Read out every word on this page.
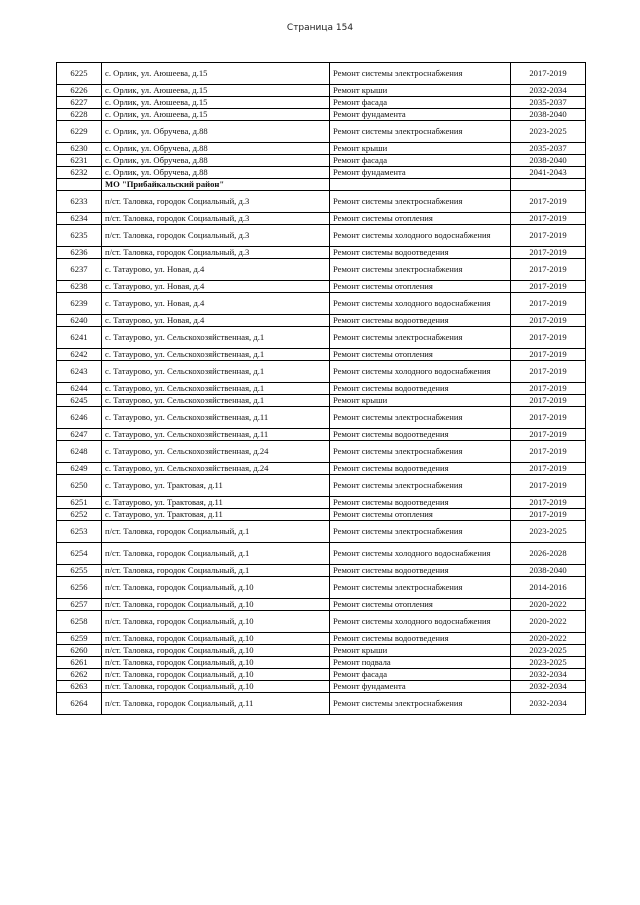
Страница 154
6225	с. Орлик, ул. Аюшеева, д.15	Ремонт системы электроснабжения	2017-2019
6226	с. Орлик, ул. Аюшеева, д.15	Ремонт крыши	2032-2034
6227	с. Орлик, ул. Аюшеева, д.15	Ремонт фасада	2035-2037
6228	с. Орлик, ул. Аюшеева, д.15	Ремонт фундамента	2038-2040
6229	с. Орлик, ул. Обручева, д.88	Ремонт системы электроснабжения	2023-2025
6230	с. Орлик, ул. Обручева, д.88	Ремонт крыши	2035-2037
6231	с. Орлик, ул. Обручева, д.88	Ремонт фасада	2038-2040
6232	с. Орлик, ул. Обручева, д.88	Ремонт фундамента	2041-2043
	МО "Прибайкальский район"		
6233	п/ст. Таловка, городок Социальный, д.3	Ремонт системы электроснабжения	2017-2019
6234	п/ст. Таловка, городок Социальный, д.3	Ремонт системы отопления	2017-2019
6235	п/ст. Таловка, городок Социальный, д.3	Ремонт системы холодного водоснабжения	2017-2019
6236	п/ст. Таловка, городок Социальный, д.3	Ремонт системы водоотведения	2017-2019
6237	с. Татаурово, ул. Новая, д.4	Ремонт системы электроснабжения	2017-2019
6238	с. Татаурово, ул. Новая, д.4	Ремонт системы отопления	2017-2019
6239	с. Татаурово, ул. Новая, д.4	Ремонт системы холодного водоснабжения	2017-2019
6240	с. Татаурово, ул. Новая, д.4	Ремонт системы водоотведения	2017-2019
6241	с. Татаурово, ул. Сельскохозяйственная, д.1	Ремонт системы электроснабжения	2017-2019
6242	с. Татаурово, ул. Сельскохозяйственная, д.1	Ремонт системы отопления	2017-2019
6243	с. Татаурово, ул. Сельскохозяйственная, д.1	Ремонт системы холодного водоснабжения	2017-2019
6244	с. Татаурово, ул. Сельскохозяйственная, д.1	Ремонт системы водоотведения	2017-2019
6245	с. Татаурово, ул. Сельскохозяйственная, д.1	Ремонт крыши	2017-2019
6246	с. Татаурово, ул. Сельскохозяйственная, д.11	Ремонт системы электроснабжения	2017-2019
6247	с. Татаурово, ул. Сельскохозяйственная, д.11	Ремонт системы водоотведения	2017-2019
6248	с. Татаурово, ул. Сельскохозяйственная, д.24	Ремонт системы электроснабжения	2017-2019
6249	с. Татаурово, ул. Сельскохозяйственная, д.24	Ремонт системы водоотведения	2017-2019
6250	с. Татаурово, ул. Трактовая, д.11	Ремонт системы электроснабжения	2017-2019
6251	с. Татаурово, ул. Трактовая, д.11	Ремонт системы водоотведения	2017-2019
6252	с. Татаурово, ул. Трактовая, д.11	Ремонт системы отопления	2017-2019
6253	п/ст. Таловка, городок Социальный, д.1	Ремонт системы электроснабжения	2023-2025
6254	п/ст. Таловка, городок Социальный, д.1	Ремонт системы холодного водоснабжения	2026-2028
6255	п/ст. Таловка, городок Социальный, д.1	Ремонт системы водоотведения	2038-2040
6256	п/ст. Таловка, городок Социальный, д.10	Ремонт системы электроснабжения	2014-2016
6257	п/ст. Таловка, городок Социальный, д.10	Ремонт системы отопления	2020-2022
6258	п/ст. Таловка, городок Социальный, д.10	Ремонт системы холодного водоснабжения	2020-2022
6259	п/ст. Таловка, городок Социальный, д.10	Ремонт системы водоотведения	2020-2022
6260	п/ст. Таловка, городок Социальный, д.10	Ремонт крыши	2023-2025
6261	п/ст. Таловка, городок Социальный, д.10	Ремонт подвала	2023-2025
6262	п/ст. Таловка, городок Социальный, д.10	Ремонт фасада	2032-2034
6263	п/ст. Таловка, городок Социальный, д.10	Ремонт фундамента	2032-2034
6264	п/ст. Таловка, городок Социальный, д.11	Ремонт системы электроснабжения	2032-2034
